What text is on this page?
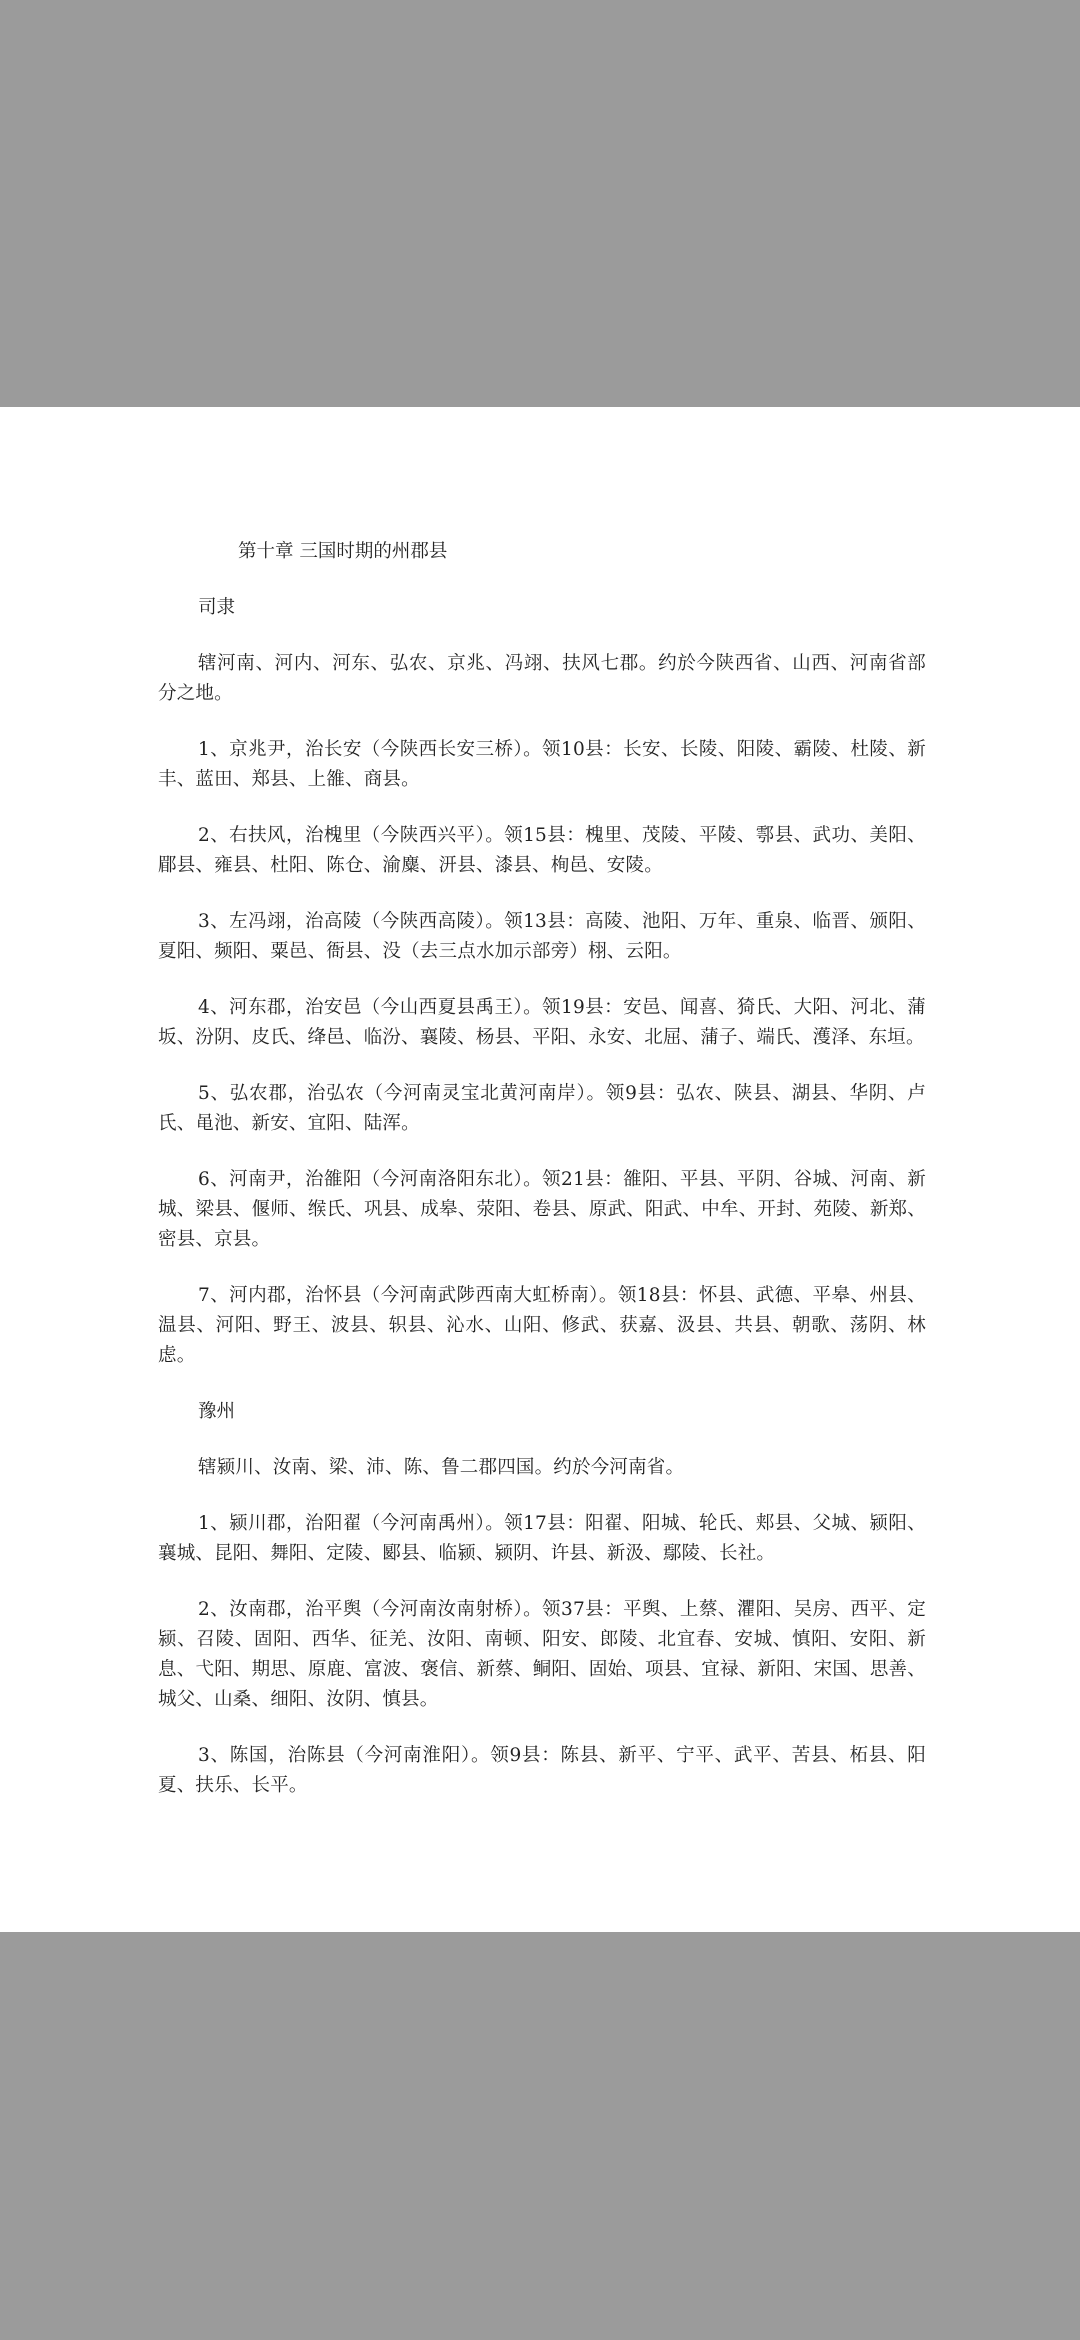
第十章 三国时期的州郡县
司隶

辖河南、河内、河东、弘农、京兆、冯翊、扶风七郡。约於今陕西省、山西、河南省部分之地。

1、京兆尹，治长安（今陕西长安三桥）。领10县：长安、长陵、阳陵、霸陵、杜陵、新丰、蓝田、郑县、上雒、商县。

2、右扶风，治槐里（今陕西兴平）。领15县：槐里、茂陵、平陵、鄠县、武功、美阳、郿县、雍县、杜阳、陈仓、渝麋、汧县、漆县、栒邑、安陵。

3、左冯翊，治高陵（今陕西高陵）。领13县：高陵、池阳、万年、重泉、临晋、颁阳、夏阳、频阳、粟邑、衙县、没（去三点水加示部旁）栩、云阳。

4、河东郡，治安邑（今山西夏县禹王）。领19县：安邑、闻喜、猗氏、大阳、河北、蒲坂、汾阴、皮氏、绛邑、临汾、襄陵、杨县、平阳、永安、北屈、蒲子、端氏、濩泽、东垣。

5、弘农郡，治弘农（今河南灵宝北黄河南岸）。领9县：弘农、陕县、湖县、华阴、卢氏、黾池、新安、宜阳、陆浑。

6、河南尹，治雒阳（今河南洛阳东北）。领21县：雒阳、平县、平阴、谷城、河南、新城、梁县、偃师、缑氏、巩县、成皋、荥阳、卷县、原武、阳武、中牟、开封、苑陵、新郑、密县、京县。

7、河内郡，治怀县（今河南武陟西南大虹桥南）。领18县：怀县、武德、平皋、州县、温县、河阳、野王、波县、轵县、沁水、山阳、修武、获嘉、汲县、共县、朝歌、荡阴、林虑。

豫州

辖颍川、汝南、梁、沛、陈、鲁二郡四国。约於今河南省。

1、颍川郡，治阳翟（今河南禹州）。领17县：阳翟、阳城、轮氏、郏县、父城、颍阳、襄城、昆阳、舞阳、定陵、郾县、临颍、颍阴、许县、新汲、鄢陵、长社。

2、汝南郡，治平舆（今河南汝南射桥）。领37县：平舆、上蔡、灈阳、吴房、西平、定颍、召陵、固阳、西华、征羌、汝阳、南顿、阳安、郎陵、北宜春、安城、慎阳、安阳、新息、弋阳、期思、原鹿、富波、褒信、新蔡、鲖阳、固始、项县、宜禄、新阳、宋国、思善、城父、山桑、细阳、汝阴、慎县。

3、陈国，治陈县（今河南淮阳）。领9县：陈县、新平、宁平、武平、苦县、柘县、阳夏、扶乐、长平。
